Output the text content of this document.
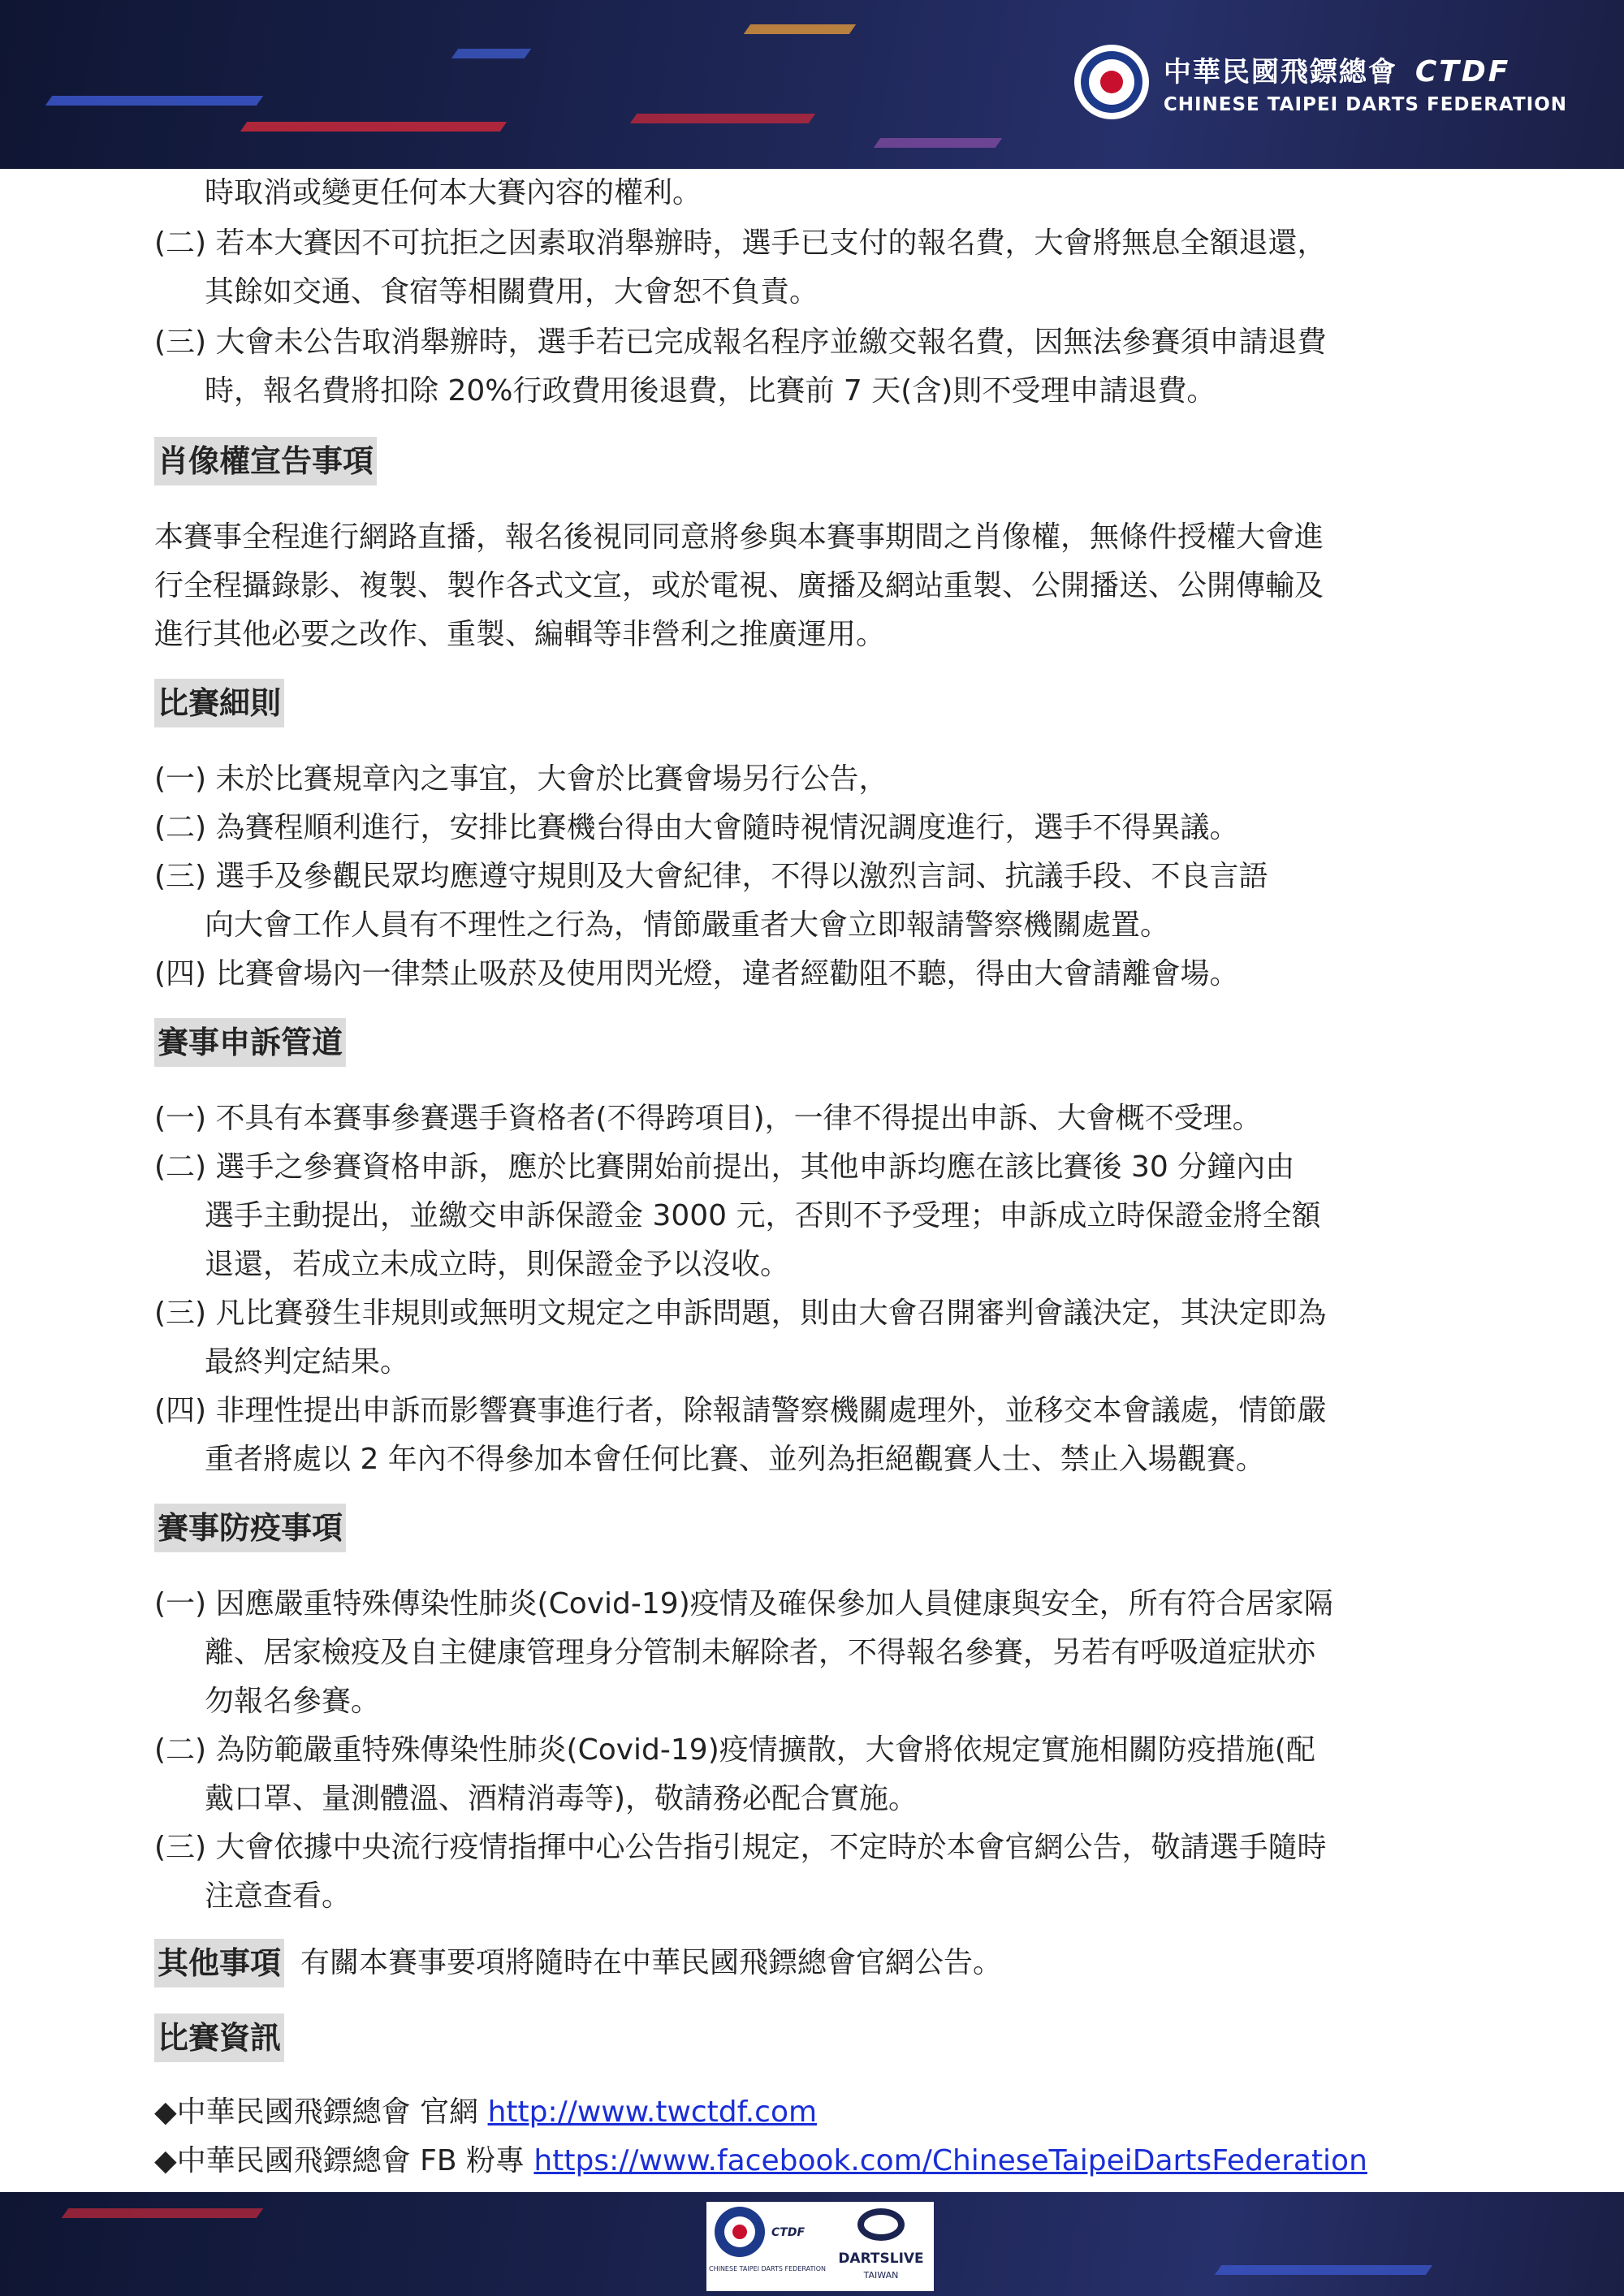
中華民國飛鏢總會 CTDF
CHINESE TAIPEI DARTS FEDERATION
時取消或變更任何本大賽內容的權利。
(二) 若本大賽因不可抗拒之因素取消舉辦時，選手已支付的報名費，大會將無息全額退還，
其餘如交通、食宿等相關費用，大會恕不負責。
(三) 大會未公告取消舉辦時，選手若已完成報名程序並繳交報名費，因無法參賽須申請退費
時，報名費將扣除 20%行政費用後退費，比賽前 7 天(含)則不受理申請退費。
肖像權宣告事項
本賽事全程進行網路直播，報名後視同同意將參與本賽事期間之肖像權，無條件授權大會進
行全程攝錄影、複製、製作各式文宣，或於電視、廣播及網站重製、公開播送、公開傳輸及
進行其他必要之改作、重製、編輯等非營利之推廣運用。
比賽細則
(一) 未於比賽規章內之事宜，大會於比賽會場另行公告，
(二) 為賽程順利進行，安排比賽機台得由大會隨時視情況調度進行，選手不得異議。
(三) 選手及參觀民眾均應遵守規則及大會紀律，不得以激烈言詞、抗議手段、不良言語
向大會工作人員有不理性之行為，情節嚴重者大會立即報請警察機關處置。
(四) 比賽會場內一律禁止吸菸及使用閃光燈，違者經勸阻不聽，得由大會請離會場。
賽事申訴管道
(一) 不具有本賽事參賽選手資格者(不得跨項目)，一律不得提出申訴、大會概不受理。
(二) 選手之參賽資格申訴，應於比賽開始前提出，其他申訴均應在該比賽後 30 分鐘內由
選手主動提出，並繳交申訴保證金 3000 元，否則不予受理；申訴成立時保證金將全額
退還，若成立未成立時，則保證金予以沒收。
(三) 凡比賽發生非規則或無明文規定之申訴問題，則由大會召開審判會議決定，其決定即為
最終判定結果。
(四) 非理性提出申訴而影響賽事進行者，除報請警察機關處理外，並移交本會議處，情節嚴
重者將處以 2 年內不得參加本會任何比賽、並列為拒絕觀賽人士、禁止入場觀賽。
賽事防疫事項
(一) 因應嚴重特殊傳染性肺炎(Covid-19)疫情及確保參加人員健康與安全，所有符合居家隔
離、居家檢疫及自主健康管理身分管制未解除者，不得報名參賽，另若有呼吸道症狀亦
勿報名參賽。
(二) 為防範嚴重特殊傳染性肺炎(Covid-19)疫情擴散，大會將依規定實施相關防疫措施(配
戴口罩、量測體溫、酒精消毒等)，敬請務必配合實施。
(三) 大會依據中央流行疫情指揮中心公告指引規定，不定時於本會官網公告，敬請選手隨時
注意查看。
其他事項 有關本賽事要項將隨時在中華民國飛鏢總會官網公告。
比賽資訊
◆中華民國飛鏢總會 官網 http://www.twctdf.com
◆中華民國飛鏢總會 FB 粉專 https://www.facebook.com/ChineseTaipeiDartsFederation
CTDF
CHINESE TAIPEI DARTS FEDERATION
DARTSLIVE
TAIWAN
